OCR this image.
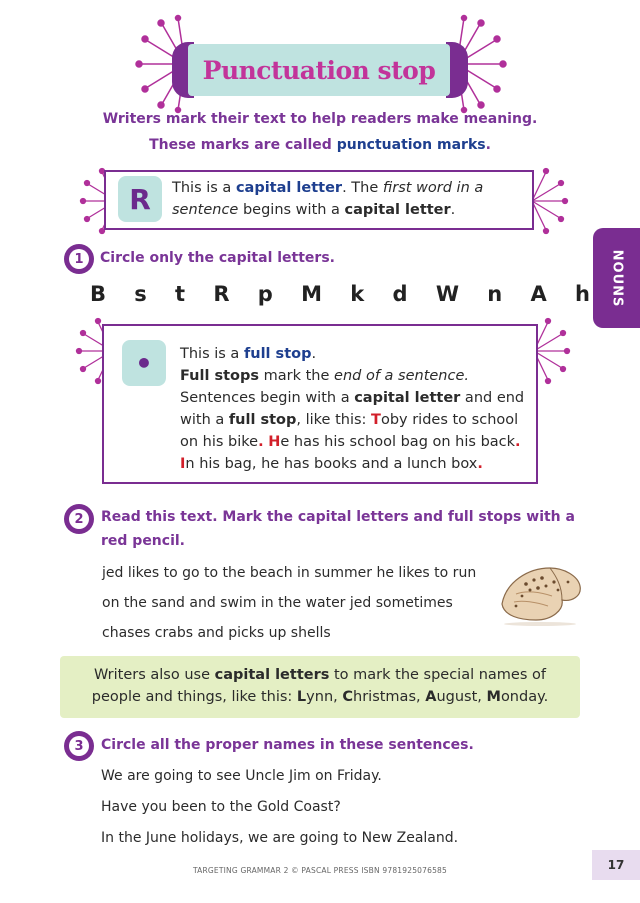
Punctuation stop
Writers mark their text to help readers make meaning.
These marks are called punctuation marks.
R	This is a capital letter. The first word in a sentence begins with a capital letter.
1	Circle only the capital letters.
B s t R p M k d W n A h
•	This is a full stop.
Full stops mark the end of a sentence.
Sentences begin with a capital letter and end
with a full stop, like this: Toby rides to school
on his bike. He has his school bag on his back.
In his bag, he has books and a lunch box.
2	Read this text. Mark the capital letters and full stops with a
red pencil.
jed likes to go to the beach in summer he likes to run
on the sand and swim in the water jed sometimes
chases crabs and picks up shells
Writers also use capital letters to mark the special names of
people and things, like this: Lynn, Christmas, August, Monday.
3	Circle all the proper names in these sentences.
We are going to see Uncle Jim on Friday.
Have you been to the Gold Coast?
In the June holidays, we are going to New Zealand.
NOUNS
TARGETING GRAMMAR 2 © PASCAL PRESS ISBN 9781925076585	17
